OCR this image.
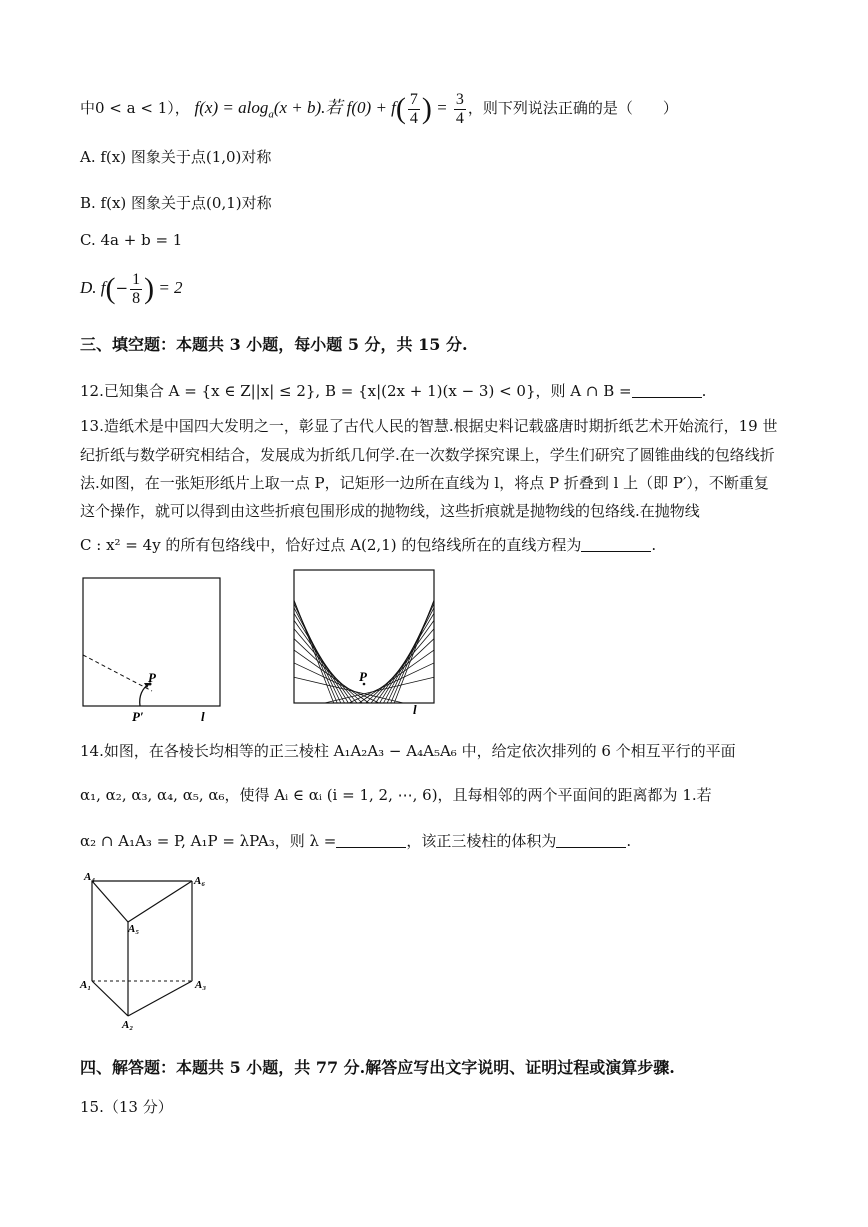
中0 < a < 1）， f(x) = alog$_a$(x + b).若 $f(0) + f( \frac{7}{4}$ ) = $\frac{3}{4}$ ，则下列说法正确的是（　　）
A. f(x) 图象关于点(1,0)对称
B. f(x) 图象关于点(0,1)对称
C. 4a + b = 1
D. $f(- \frac{1}{8}$ ) = 2
三、填空题：本题共 3 小题，每小题 5 分，共 15 分.
12.已知集合 A = {x ∈ Z||x| ≤ 2}, B = {x|(2x + 1)(x − 3) < 0}，则 A ∩ B =	.
13.造纸术是中国四大发明之一，彰显了古代人民的智慧.根据史料记载盛唐时期折纸艺术开始流行，19 世
纪折纸与数学研究相结合，发展成为折纸几何学.在一次数学探究课上，学生们研究了圆锥曲线的包络线折
法.如图，在一张矩形纸片上取一点 P，记矩形一边所在直线为 l，将点 P 折叠到 l 上（即 P′），不断重复
这个操作，就可以得到由这些折痕包围形成的抛物线，这些折痕就是抛物线的包络线.在抛物线
C : x² = 4y 的所有包络线中，恰好过点 A(2,1) 的包络线所在的直线方程为	.
P
P′	l
P
l
14.如图，在各棱长均相等的正三棱柱 A₁A₂A₃ − A₄A₅A₆ 中，给定依次排列的 6 个相互平行的平面
α₁, α₂, α₃, α₄, α₅, α₆，使得 Aᵢ ∈ αᵢ (i = 1, 2, ⋯, 6)，且每相邻的两个平面间的距离都为 1.若
α₂ ∩ A₁A₃ = P, A₁P = λPA₃，则 λ =	，该正三棱柱的体积为	.
A₄	A₆
A₅
A₁	A₃
A₂
四、解答题：本题共 5 小题，共 77 分.解答应写出文字说明、证明过程或演算步骤.
15.（13 分）
